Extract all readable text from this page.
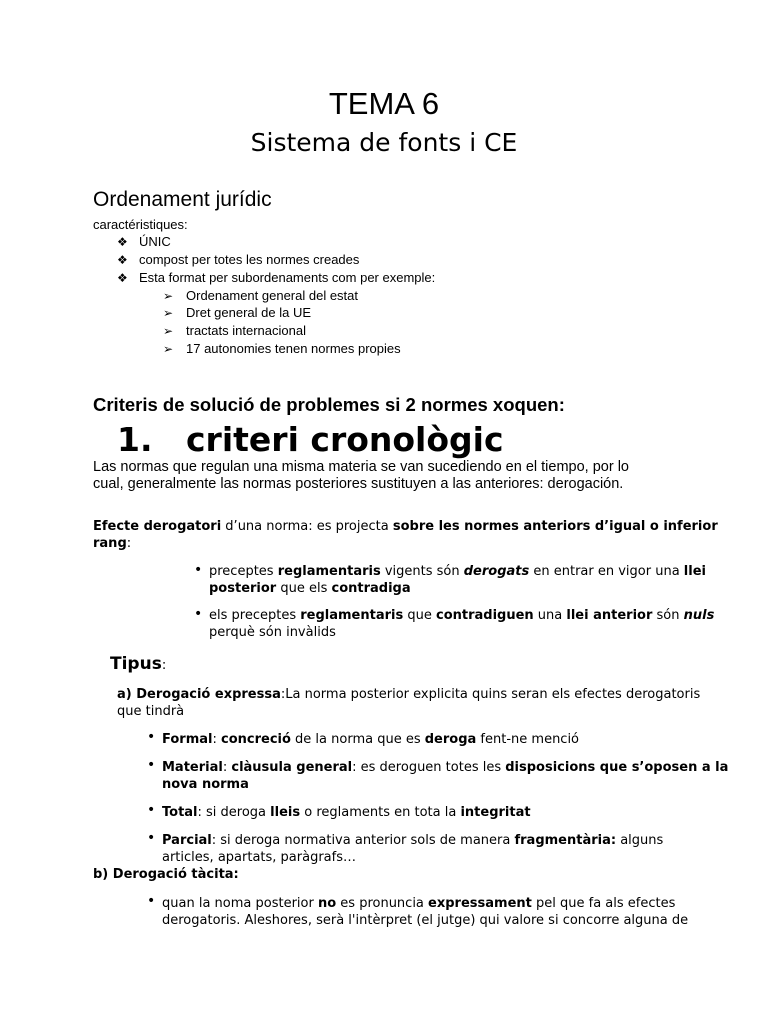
TEMA 6
Sistema de fonts i CE
Ordenament jurídic
caractéristiques:
❖ ÚNIC
❖ compost per totes les normes creades
❖ Esta format per subordenaments com per exemple:
➢ Ordenament general del estat
➢ Dret general de la UE
➢ tractats internacional
➢ 17 autonomies tenen normes propies
Criteris de solució de problemes si 2 normes xoquen:
1. criteri cronològic
Las normas que regulan una misma materia se van sucediendo en el tiempo, por lo
cual, generalmente las normas posteriores sustituyen a las anteriores: derogación.
Efecte derogatori d’una norma: es projecta sobre les normes anteriors d’igual o inferior
rang:
• preceptes reglamentaris vigents són derogats en entrar en vigor una llei
posterior que els contradiga
• els preceptes reglamentaris que contradiguen una llei anterior són nuls
perquè són invàlids
Tipus:
a) Derogació expressa:La norma posterior explicita quins seran els efectes derogatoris
que tindrà
• Formal: concreció de la norma que es deroga fent-ne menció
• Material: clàusula general: es deroguen totes les disposicions que s’oposen a la
nova norma
• Total: si deroga lleis o reglaments en tota la integritat
• Parcial: si deroga normativa anterior sols de manera fragmentària: alguns
articles, apartats, paràgrafs…
b) Derogació tàcita:
• quan la noma posterior no es pronuncia expressament pel que fa als efectes
derogatoris. Aleshores, serà l'intèrpret (el jutge) qui valore si concorre alguna de
